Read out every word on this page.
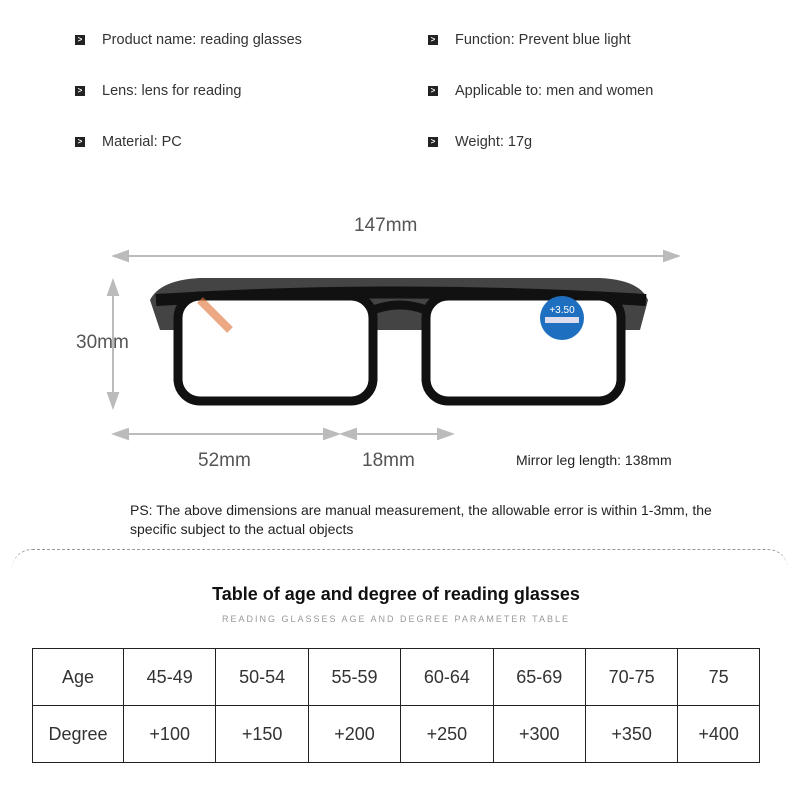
> Product name: reading glasses	> Function: Prevent blue light
> Lens: lens for reading	> Applicable to: men and women
> Material: PC	> Weight: 17g
+3.50
147mm
30mm
52mm	18mm	Mirror leg length: 138mm
PS: The above dimensions are manual measurement, the allowable error is within 1-3mm, the specific subject to the actual objects
Table of age and degree of reading glasses
READING GLASSES AGE AND DEGREE PARAMETER TABLE
Age	45-49	50-54	55-59	60-64	65-69	70-75	75
Degree	+100	+150	+200	+250	+300	+350	+400
